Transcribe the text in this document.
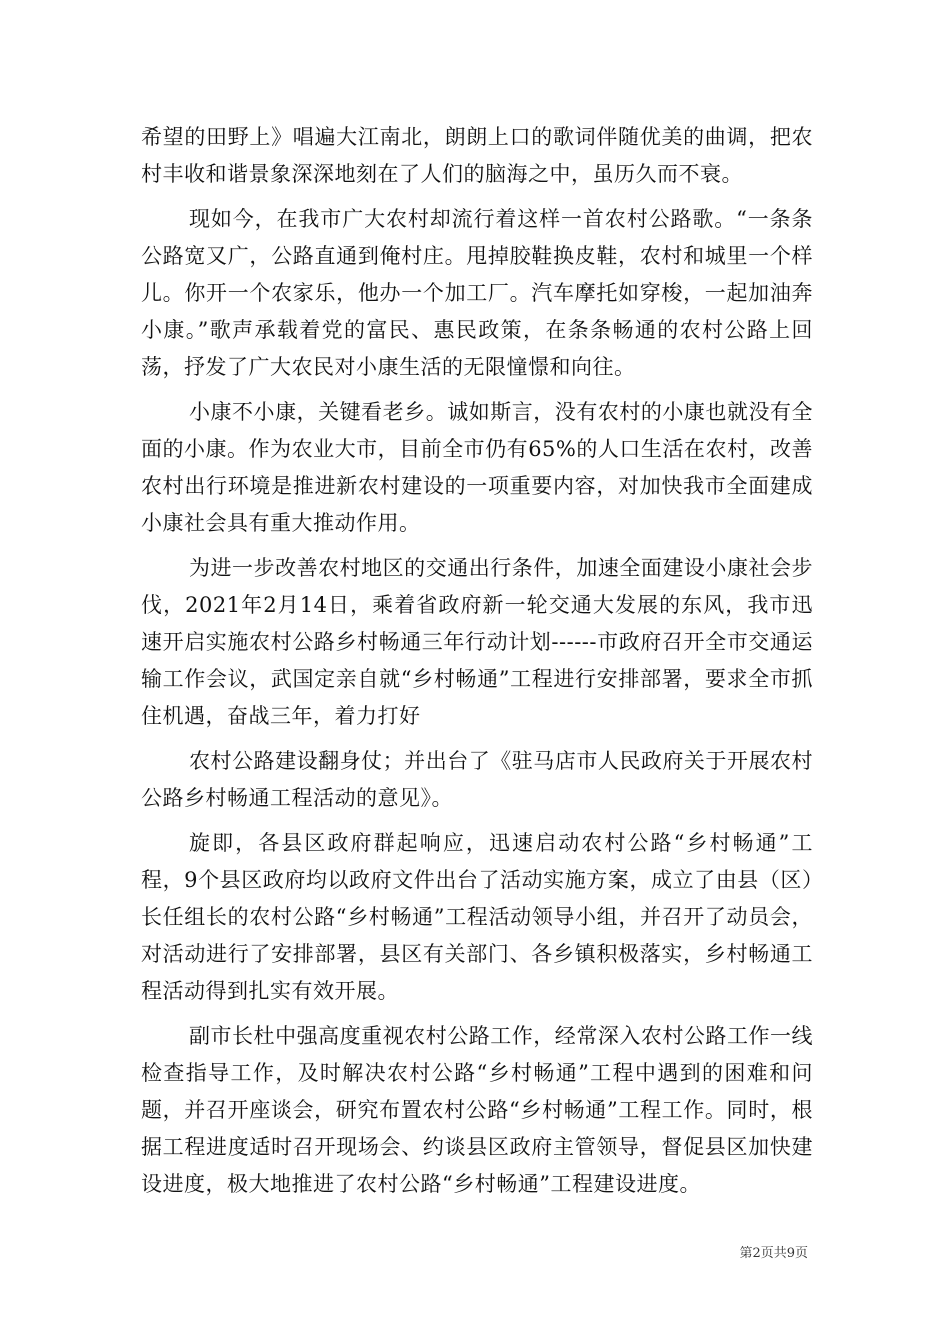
希望的田野上》唱遍大江南北，朗朗上口的歌词伴随优美的曲调，把农村丰收和谐景象深深地刻在了人们的脑海之中，虽历久而不衰。

现如今，在我市广大农村却流行着这样一首农村公路歌。“一条条公路宽又广，公路直通到俺村庄。甩掉胶鞋换皮鞋，农村和城里一个样儿。你开一个农家乐，他办一个加工厂。汽车摩托如穿梭，一起加油奔小康。”歌声承载着党的富民、惠民政策，在条条畅通的农村公路上回荡，抒发了广大农民对小康生活的无限憧憬和向往。

小康不小康，关键看老乡。诚如斯言，没有农村的小康也就没有全面的小康。作为农业大市，目前全市仍有65%的人口生活在农村，改善农村出行环境是推进新农村建设的一项重要内容，对加快我市全面建成小康社会具有重大推动作用。

为进一步改善农村地区的交通出行条件，加速全面建设小康社会步伐，2021年2月14日，乘着省政府新一轮交通大发展的东风，我市迅速开启实施农村公路乡村畅通三年行动计划------市政府召开全市交通运输工作会议，武国定亲自就“乡村畅通”工程进行安排部署，要求全市抓住机遇，奋战三年，着力打好

农村公路建设翻身仗；并出台了《驻马店市人民政府关于开展农村公路乡村畅通工程活动的意见》。

旋即，各县区政府群起响应，迅速启动农村公路“乡村畅通”工程，9个县区政府均以政府文件出台了活动实施方案，成立了由县（区）长任组长的农村公路“乡村畅通”工程活动领导小组，并召开了动员会，对活动进行了安排部署，县区有关部门、各乡镇积极落实，乡村畅通工程活动得到扎实有效开展。

副市长杜中强高度重视农村公路工作，经常深入农村公路工作一线检查指导工作，及时解决农村公路“乡村畅通”工程中遇到的困难和问题，并召开座谈会，研究布置农村公路“乡村畅通”工程工作。同时，根据工程进度适时召开现场会、约谈县区政府主管领导，督促县区加快建设进度，极大地推进了农村公路“乡村畅通”工程建设进度。

第2页共9页
